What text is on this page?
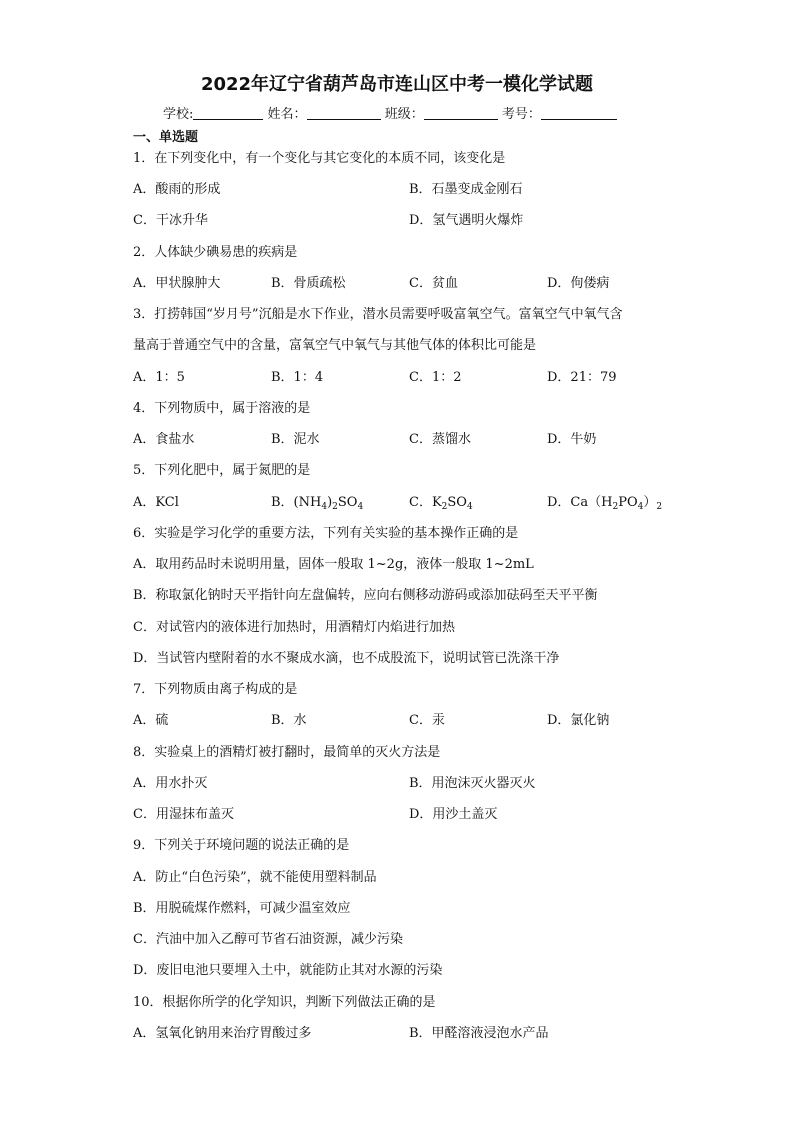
2022年辽宁省葫芦岛市连山区中考一模化学试题
学校:	姓名：	班级：	考号：
一、单选题
1．在下列变化中，有一个变化与其它变化的本质不同，该变化是
A．酸雨的形成	B．石墨变成金刚石
C．干冰升华	D．氢气遇明火爆炸
2．人体缺少碘易患的疾病是
A．甲状腺肿大	B．骨质疏松	C．贫血	D．佝偻病
3．打捞韩国“岁月号”沉船是水下作业，潜水员需要呼吸富氧空气。富氧空气中氧气含
量高于普通空气中的含量，富氧空气中氧气与其他气体的体积比可能是
A．1：5	B．1：4	C．1：2	D．21：79
4．下列物质中，属于溶液的是
A．食盐水	B．泥水	C．蒸馏水	D．牛奶
5．下列化肥中，属于氮肥的是
A．KCl	B．$(NH_4)_2SO_4$	C．$K_2SO_4$	D．$Ca(H_2PO_4)_2$
6．实验是学习化学的重要方法，下列有关实验的基本操作正确的是
A．取用药品时未说明用量，固体一般取 1~2g，液体一般取 1~2mL
B．称取氯化钠时天平指针向左盘偏转，应向右侧移动游码或添加砝码至天平平衡
C．对试管内的液体进行加热时，用酒精灯内焰进行加热
D．当试管内壁附着的水不聚成水滴，也不成股流下，说明试管已洗涤干净
7．下列物质由离子构成的是
A．硫	B．水	C．汞	D．氯化钠
8．实验桌上的酒精灯被打翻时，最简单的灭火方法是
A．用水扑灭	B．用泡沫灭火器灭火
C．用湿抹布盖灭	D．用沙土盖灭
9．下列关于环境问题的说法正确的是
A．防止“白色污染”，就不能使用塑料制品
B．用脱硫煤作燃料，可减少温室效应
C．汽油中加入乙醇可节省石油资源，减少污染
D．废旧电池只要埋入土中，就能防止其对水源的污染
10．根据你所学的化学知识，判断下列做法正确的是
A．氢氧化钠用来治疗胃酸过多	B．甲醛溶液浸泡水产品
